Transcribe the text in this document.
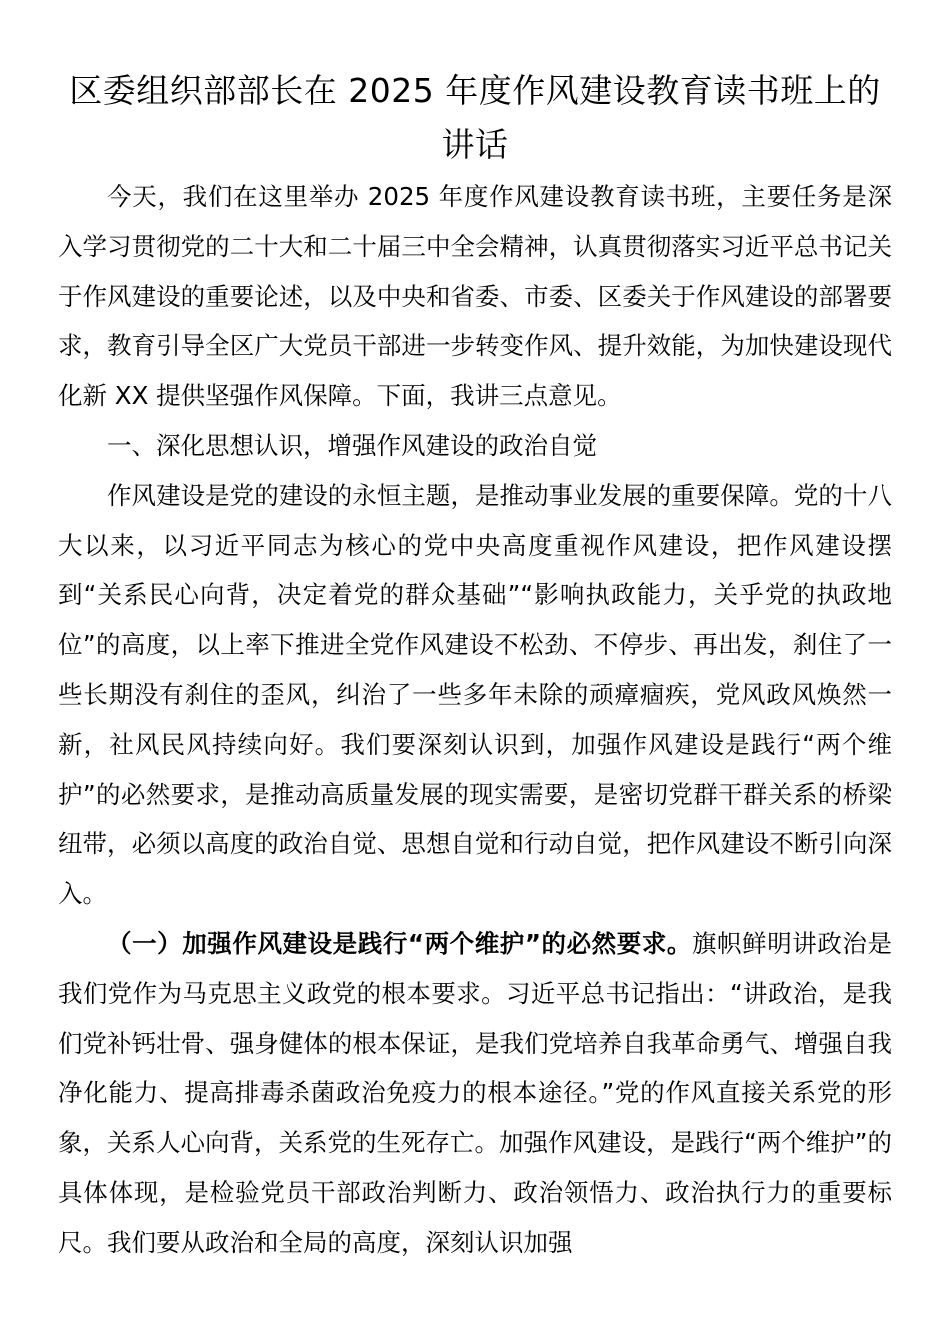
区委组织部部长在 2025 年度作风建设教育读书班上的讲话

今天，我们在这里举办 2025 年度作风建设教育读书班，主要任务是深入学习贯彻党的二十大和二十届三中全会精神，认真贯彻落实习近平总书记关于作风建设的重要论述，以及中央和省委、市委、区委关于作风建设的部署要求，教育引导全区广大党员干部进一步转变作风、提升效能，为加快建设现代化新 XX 提供坚强作风保障。下面，我讲三点意见。

一、深化思想认识，增强作风建设的政治自觉

作风建设是党的建设的永恒主题，是推动事业发展的重要保障。党的十八大以来，以习近平同志为核心的党中央高度重视作风建设，把作风建设摆到“关系民心向背，决定着党的群众基础”“影响执政能力，关乎党的执政地位”的高度，以上率下推进全党作风建设不松劲、不停步、再出发，刹住了一些长期没有刹住的歪风，纠治了一些多年未除的顽瘴痼疾，党风政风焕然一新，社风民风持续向好。我们要深刻认识到，加强作风建设是践行“两个维护”的必然要求，是推动高质量发展的现实需要，是密切党群干群关系的桥梁纽带，必须以高度的政治自觉、思想自觉和行动自觉，把作风建设不断引向深入。

（一）加强作风建设是践行“两个维护”的必然要求。旗帜鲜明讲政治是我们党作为马克思主义政党的根本要求。习近平总书记指出：“讲政治，是我们党补钙壮骨、强身健体的根本保证，是我们党培养自我革命勇气、增强自我净化能力、提高排毒杀菌政治免疫力的根本途径。”党的作风直接关系党的形象，关系人心向背，关系党的生死存亡。加强作风建设，是践行“两个维护”的具体体现，是检验党员干部政治判断力、政治领悟力、政治执行力的重要标尺。我们要从政治和全局的高度，深刻认识加强
